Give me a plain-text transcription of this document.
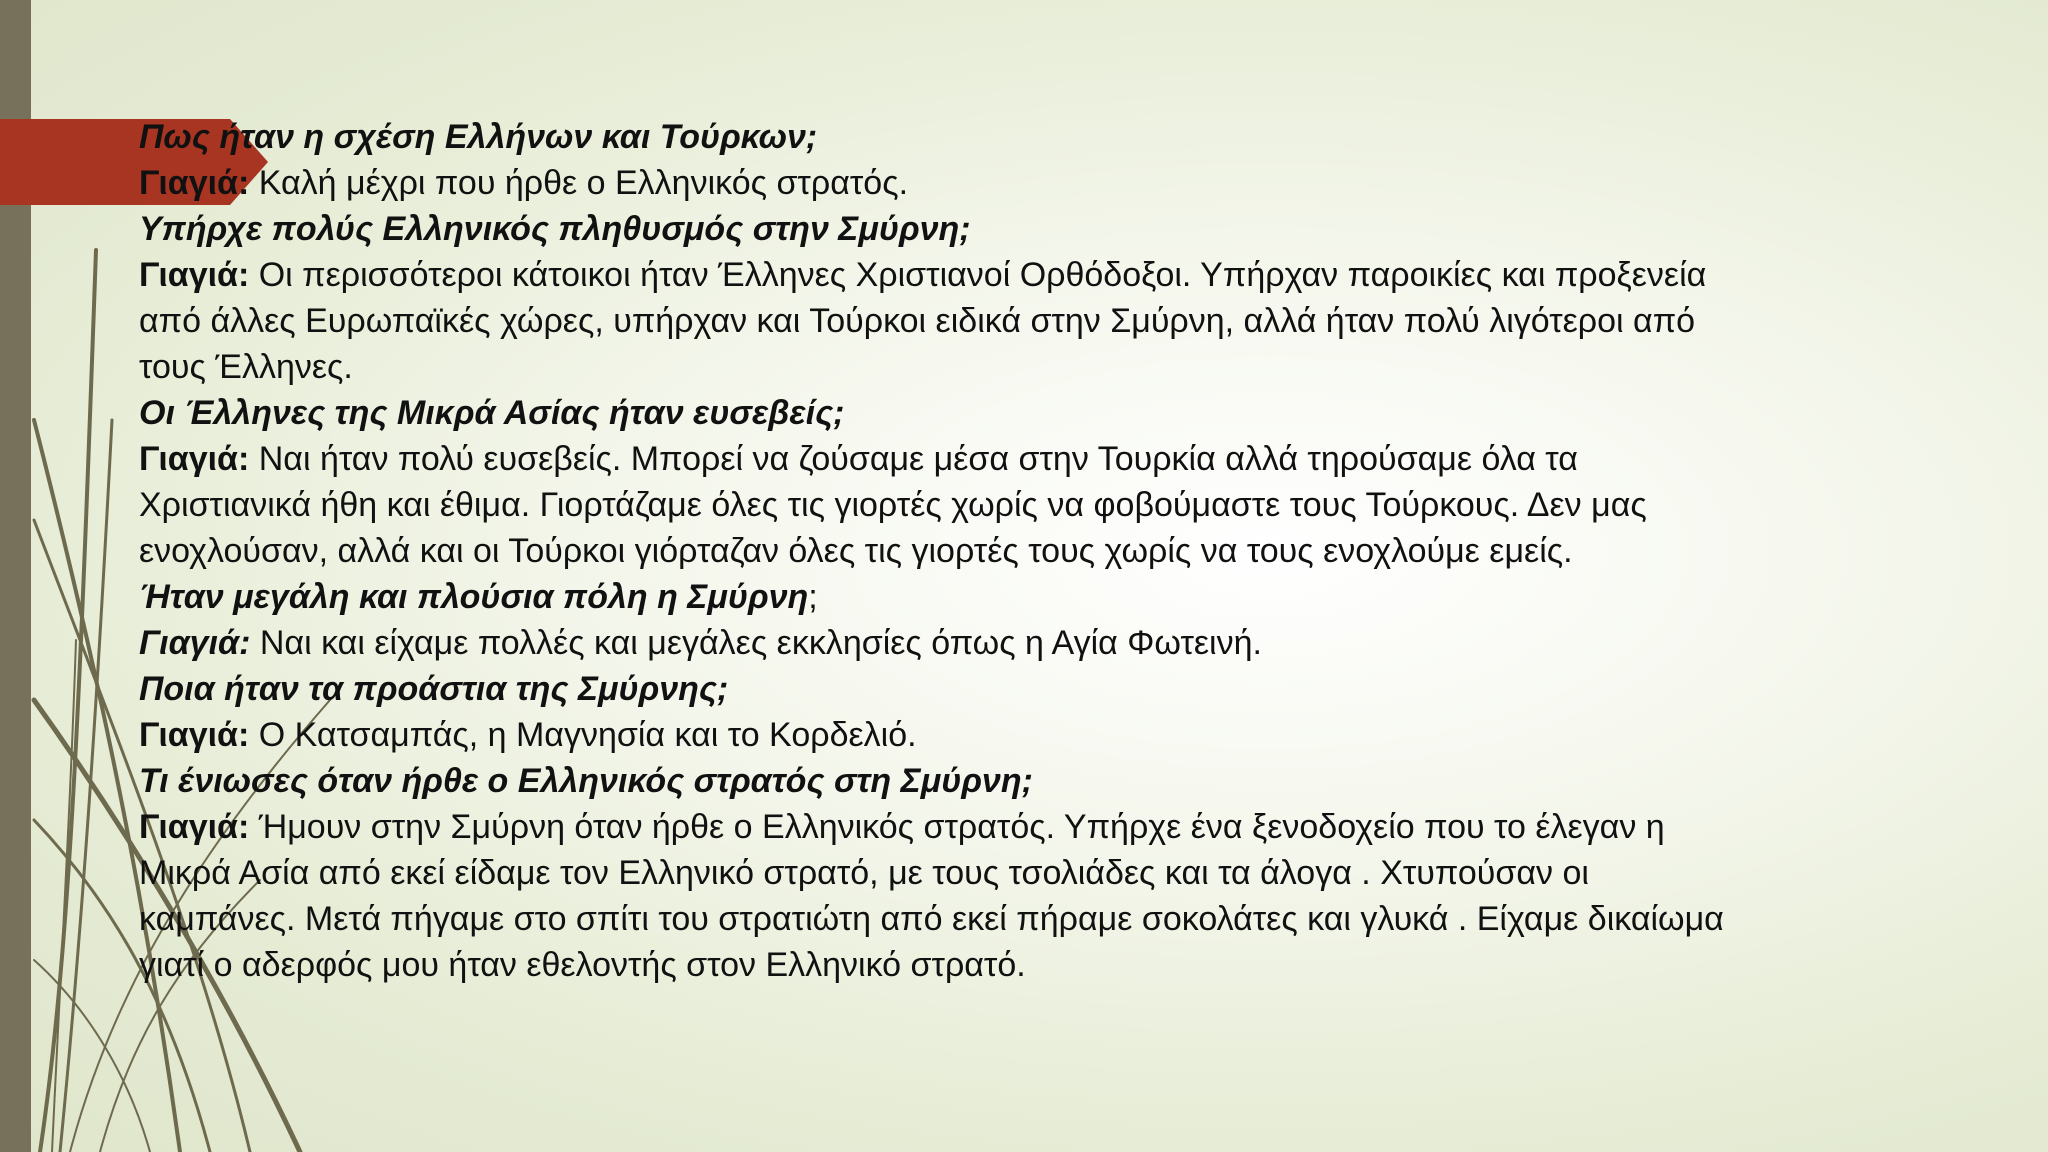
Πως ήταν η σχέση Ελλήνων και Τούρκων;

Γιαγιά: Καλή μέχρι που ήρθε ο Ελληνικός στρατός.

Υπήρχε πολύς Ελληνικός πληθυσμός στην Σμύρνη;

Γιαγιά: Οι περισσότεροι κάτοικοι ήταν Έλληνες Χριστιανοί Ορθόδοξοι. Υπήρχαν παροικίες και προξενεία

από άλλες Ευρωπαϊκές χώρες, υπήρχαν και Τούρκοι ειδικά στην Σμύρνη, αλλά ήταν πολύ λιγότεροι από

τους Έλληνες.

Οι Έλληνες της Μικρά Ασίας ήταν ευσεβείς;

Γιαγιά: Ναι ήταν πολύ ευσεβείς. Μπορεί να ζούσαμε μέσα στην Τουρκία αλλά τηρούσαμε όλα τα

Χριστιανικά ήθη και έθιμα. Γιορτάζαμε όλες τις γιορτές χωρίς να φοβούμαστε τους Τούρκους. Δεν μας

ενοχλούσαν, αλλά και οι Τούρκοι γιόρταζαν όλες τις γιορτές τους χωρίς να τους ενοχλούμε εμείς.

Ήταν μεγάλη και πλούσια πόλη η Σμύρνη;

Γιαγιά: Ναι και είχαμε πολλές και μεγάλες εκκλησίες όπως η Αγία Φωτεινή.

Ποια ήταν τα προάστια της Σμύρνης;

Γιαγιά: Ο Κατσαμπάς, η Μαγνησία και το Κορδελιό.

Τι ένιωσες όταν ήρθε ο Ελληνικός στρατός στη Σμύρνη;

Γιαγιά: Ήμουν στην Σμύρνη όταν ήρθε ο Ελληνικός στρατός. Υπήρχε ένα ξενοδοχείο που το έλεγαν η

Μικρά Ασία από εκεί είδαμε τον Ελληνικό στρατό, με τους τσολιάδες και τα άλογα . Χτυπούσαν οι

καμπάνες. Μετά πήγαμε στο σπίτι του στρατιώτη από εκεί πήραμε σοκολάτες και γλυκά . Είχαμε δικαίωμα

γιατί ο αδερφός μου ήταν εθελοντής στον Ελληνικό στρατό.
